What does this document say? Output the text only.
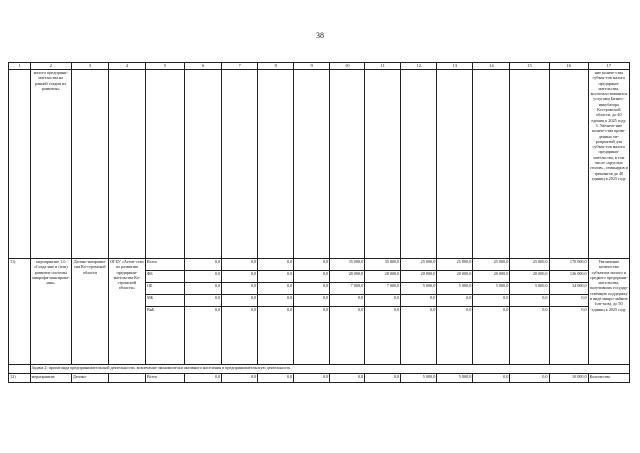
38
1	2	3	4	5	6	7	8	9	10	11	12	13	14	15	16	17
	малого предприни-мательства на ранней стадии их развития»															ние количе-ства субъек-тов малого предприни-мательства, воспользо-вавшихся услугами Бизнес-инкубатора Костромской области, до 40 единиц к 2025 году. 3. Увеличе-ние количе-ства прове-денных ме-роприятий для субъек-тов малого предприни-мательства, в том числе «круглых столов», семинаров и тренингов до 40 единиц в 2025 году
11)	мероприятие 1.6 «Созда-ние и (или) развитие системы микрофи-нансирова-ния»	Депэко-номразви-тия Ко-стромской области	ОГБУ «Агент-ство по развитию предприни-мательства Ко-стромской области»	Всего	0,0	0,0	0,0	0,0	35 000,0	35 000,0	25 000,0	25 000,0	25 000,0	25 000,0	170 000,0	Увеличение количества субъектов малого и среднего предприни-мательства, получивших государ-ственную поддержку в виде микро-займов (шт-мов), до 50 единиц к 2025 году
				ФБ	0,0	0,0	0,0	0,0	28 000,0	28 000,0	20 000,0	20 000,0	20 000,0	20 000,0	136 000,0	
				ОБ	0,0	0,0	0,0	0,0	7 000,0	7 000,0	5 000,0	5 000,0	5 000,0	5 000,0	34 000,0	
				МБ	0,0	0,0	0,0	0,0	0,0	0,0	0,0	0,0	0,0	0,0	0,0	
				ВнБ	0,0	0,0	0,0	0,0	0,0	0,0	0,0	0,0	0,0	0,0	0,0	
	Задача 2: пропаганда предпринимательской деятельности, вовлечение экономически активного населения в предпринимательскую деятельность															
12)	мероприятие	Депэко-		Всего	0,0	0,0	0,0	0,0	0,0	0,0	5 000,0	5 000,0	0,0	0,0	10 000,0	Количество
